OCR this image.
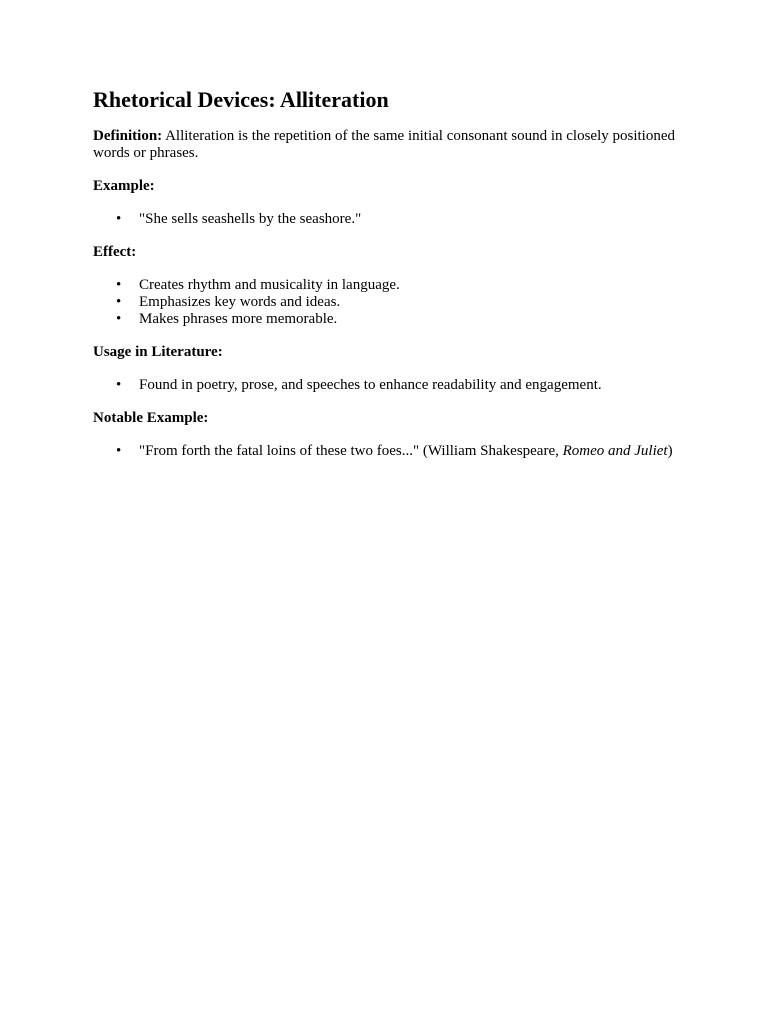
Rhetorical Devices: Alliteration

Definition: Alliteration is the repetition of the same initial consonant sound in closely positioned words or phrases.

Example:

• "She sells seashells by the seashore."

Effect:

• Creates rhythm and musicality in language.
• Emphasizes key words and ideas.
• Makes phrases more memorable.

Usage in Literature:

• Found in poetry, prose, and speeches to enhance readability and engagement.

Notable Example:

• "From forth the fatal loins of these two foes..." (William Shakespeare, Romeo and Juliet)
